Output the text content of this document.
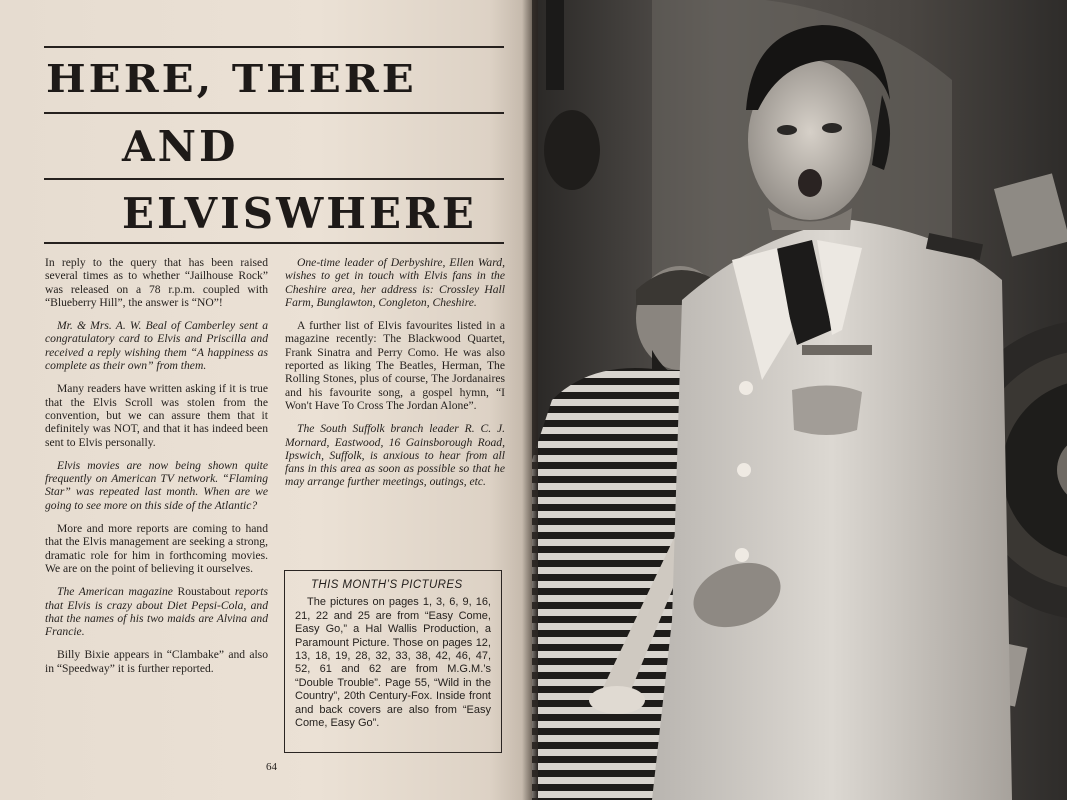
HERE, THERE
AND
ELVISWHERE

In reply to the query that has been raised several times as to whether “Jailhouse Rock” was released on a 78 r.p.m. coupled with “Blueberry Hill”, the answer is “NO”!

Mr. & Mrs. A. W. Beal of Camberley sent a congratulatory card to Elvis and Priscilla and received a reply wishing them “A happiness as complete as their own” from them.

Many readers have written asking if it is true that the Elvis Scroll was stolen from the convention, but we can assure them that it definitely was NOT, and that it has indeed been sent to Elvis personally.

Elvis movies are now being shown quite frequently on American TV network. “Flaming Star” was repeated last month. When are we going to see more on this side of the Atlantic?

More and more reports are coming to hand that the Elvis management are seeking a strong, dramatic role for him in forthcoming movies. We are on the point of believing it ourselves.

The American magazine Roustabout reports that Elvis is crazy about Diet Pepsi-Cola, and that the names of his two maids are Alvina and Francie.

Billy Bixie appears in “Clambake” and also in “Speedway” it is further reported.

One-time leader of Derbyshire, Ellen Ward, wishes to get in touch with Elvis fans in the Cheshire area, her address is: Crossley Hall Farm, Bunglawton, Congleton, Cheshire.

A further list of Elvis favourites listed in a magazine recently: The Blackwood Quartet, Frank Sinatra and Perry Como. He was also reported as liking The Beatles, Herman, The Rolling Stones, plus of course, The Jordanaires and his favourite song, a gospel hymn, “I Won't Have To Cross The Jordan Alone”.

The South Suffolk branch leader R. C. J. Mornard, Eastwood, 16 Gainsborough Road, Ipswich, Suffolk, is anxious to hear from all fans in this area as soon as possible so that he may arrange further meetings, outings, etc.

THIS MONTH’S PICTURES

The pictures on pages 1, 3, 6, 9, 16, 21, 22 and 25 are from “Easy Come, Easy Go,” a Hal Wallis Production, a Paramount Picture. Those on pages 12, 13, 18, 19, 28, 32, 33, 38, 42, 46, 47, 52, 61 and 62 are from M.G.M.’s “Double Trouble”. Page 55, “Wild in the Country”, 20th Century-Fox. Inside front and back covers are also from “Easy Come, Easy Go”.

64
